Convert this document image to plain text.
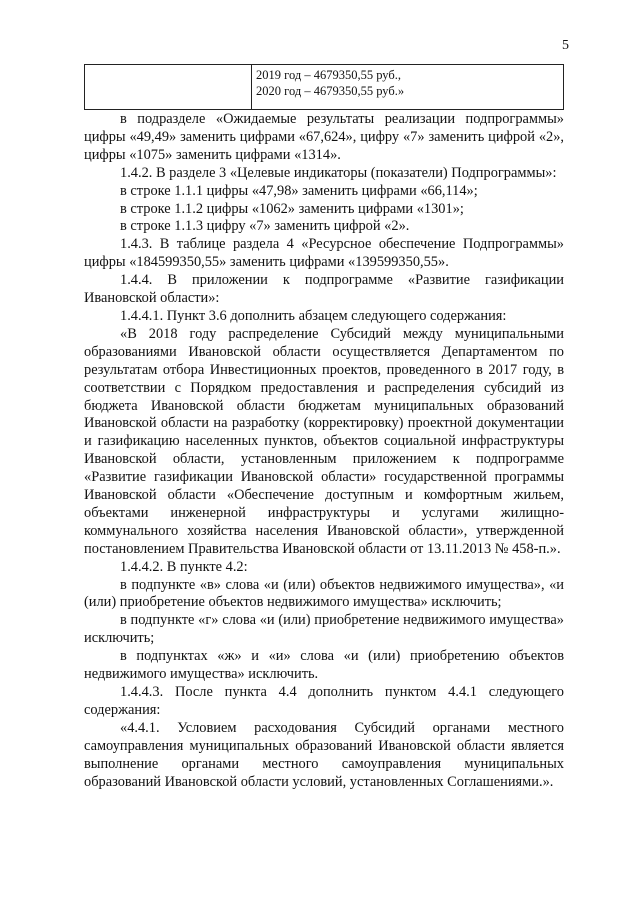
5

2019 год – 4679350,55 руб.,
2020 год – 4679350,55 руб.»

в подразделе «Ожидаемые результаты реализации подпрограммы» цифры «49,49» заменить цифрами «67,624», цифру «7» заменить цифрой «2», цифры «1075» заменить цифрами «1314».

1.4.2. В разделе 3 «Целевые индикаторы (показатели) Подпрограммы»:

в строке 1.1.1 цифры «47,98» заменить цифрами «66,114»;

в строке 1.1.2 цифры «1062» заменить цифрами «1301»;

в строке 1.1.3 цифру «7» заменить цифрой «2».

1.4.3. В таблице раздела 4 «Ресурсное обеспечение Подпрограммы» цифры «184599350,55» заменить цифрами «139599350,55».

1.4.4. В приложении к подпрограмме «Развитие газификации Ивановской области»:

1.4.4.1. Пункт 3.6 дополнить абзацем следующего содержания:

«В 2018 году распределение Субсидий между муниципальными образованиями Ивановской области осуществляется Департаментом по результатам отбора Инвестиционных проектов, проведенного в 2017 году, в соответствии с Порядком предоставления и распределения субсидий из бюджета Ивановской области бюджетам муниципальных образований Ивановской области на разработку (корректировку) проектной документации и газификацию населенных пунктов, объектов социальной инфраструктуры Ивановской области, установленным приложением к подпрограмме «Развитие газификации Ивановской области» государственной программы Ивановской области «Обеспечение доступным и комфортным жильем, объектами инженерной инфраструктуры и услугами жилищно-коммунального хозяйства населения Ивановской области», утвержденной постановлением Правительства Ивановской области от 13.11.2013 № 458-п.».

1.4.4.2. В пункте 4.2:

в подпункте «в» слова «и (или) объектов недвижимого имущества», «и (или) приобретение объектов недвижимого имущества» исключить;

в подпункте «г» слова «и (или) приобретение недвижимого имущества» исключить;

в подпунктах «ж» и «и» слова «и (или) приобретению объектов недвижимого имущества» исключить.

1.4.4.3. После пункта 4.4 дополнить пунктом 4.4.1 следующего содержания:

«4.4.1. Условием расходования Субсидий органами местного самоуправления муниципальных образований Ивановской области является выполнение органами местного самоуправления муниципальных образований Ивановской области условий, установленных Соглашениями.».
